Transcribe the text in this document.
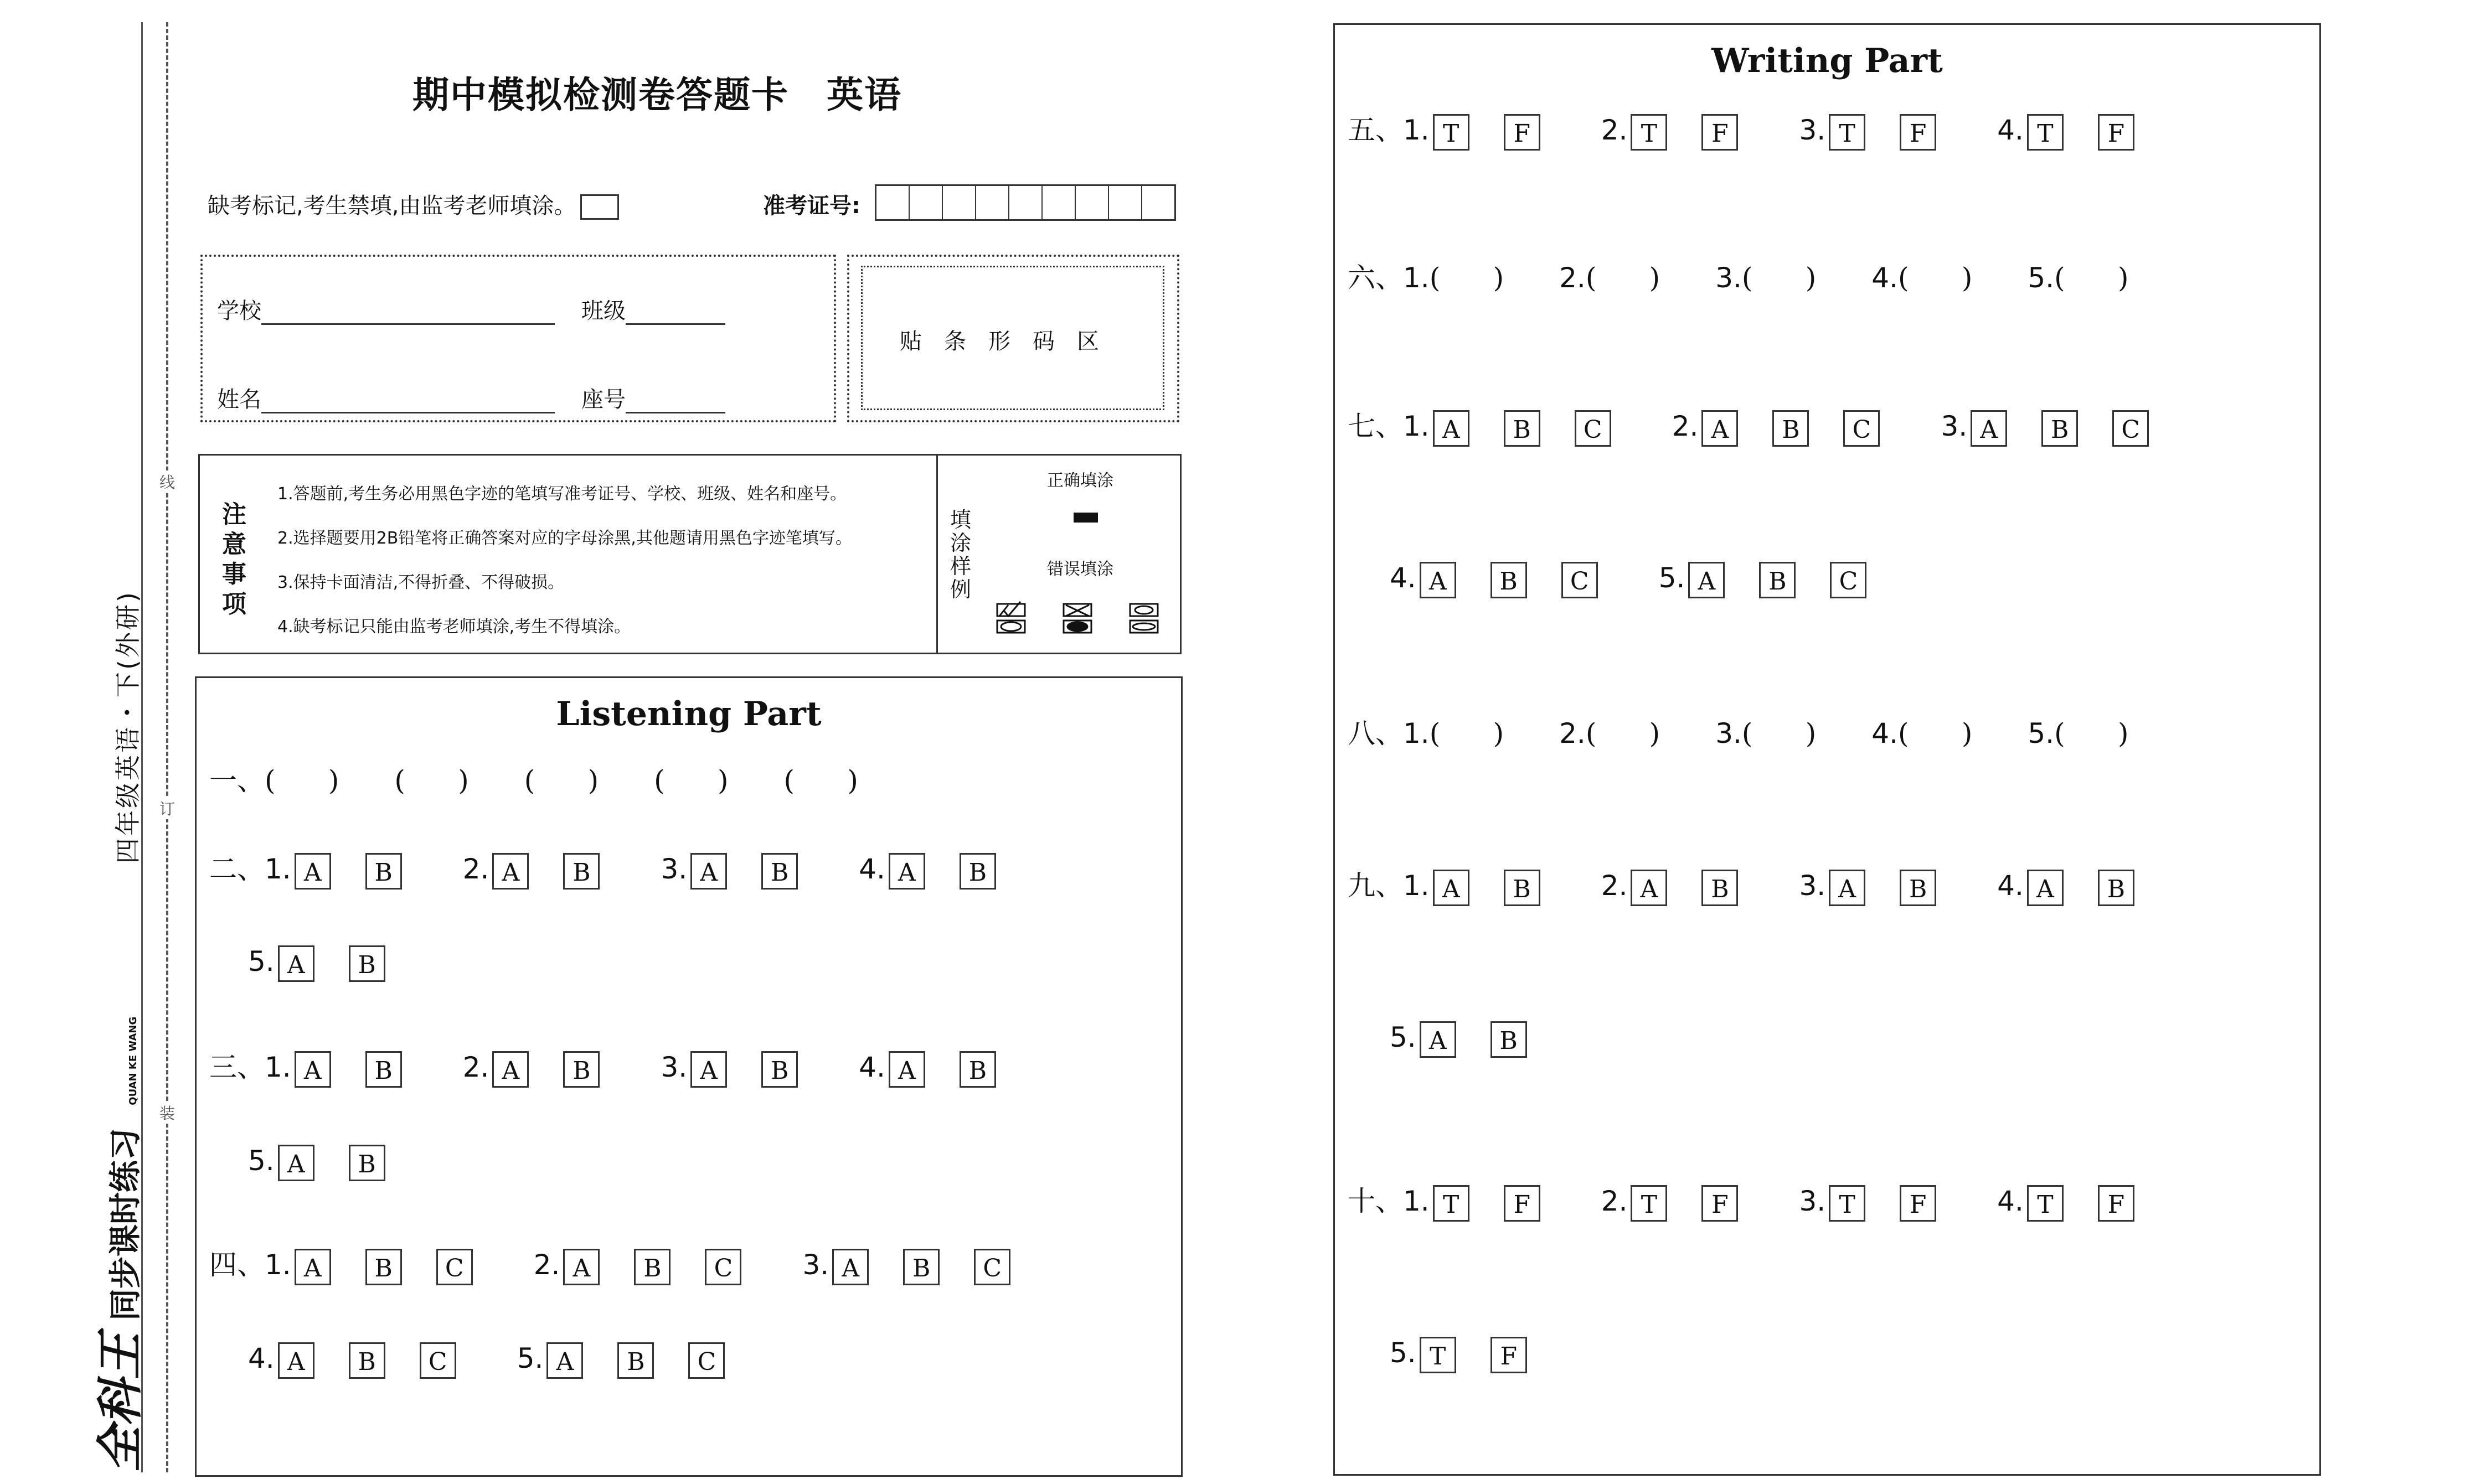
线
订
装
四年级英语・下(外研)
全科王同步课时练习 QUAN KE WANG
期中模拟检测卷答题卡　英语
缺考标记,考生禁填,由监考老师填涂。	准考证号:
学校	班级
姓名	座号
贴条形码区
注意事项
1.答题前,考生务必用黑色字迹的笔填写准考证号、学校、班级、姓名和座号。
2.选择题要用2B铅笔将正确答案对应的字母涂黑,其他题请用黑色字迹笔填写。
3.保持卡面清洁,不得折叠、不得破损。
4.缺考标记只能由监考老师填涂,考生不得填涂。
填涂样例
正确填涂
错误填涂
Listening Part
一、(      ) (      ) (      ) (      ) (      )
二、1. A B	2. A B	3. A B	4. A B
5. A B
三、1. A B	2. A B	3. A B	4. A B
5. A B
四、1. A B C	2. A B C	3. A B C
4. A B C	5. A B C
Writing Part
五、1. T F	2. T F	3. T F	4. T F
六、1.(      ) 2.(      ) 3.(      ) 4.(      ) 5.(      )
七、1. A B C	2. A B C	3. A B C
4. A B C	5. A B C
八、1.(      ) 2.(      ) 3.(      ) 4.(      ) 5.(      )
九、1. A B	2. A B	3. A B	4. A B
5. A B
十、1. T F	2. T F	3. T F	4. T F
5. T F
